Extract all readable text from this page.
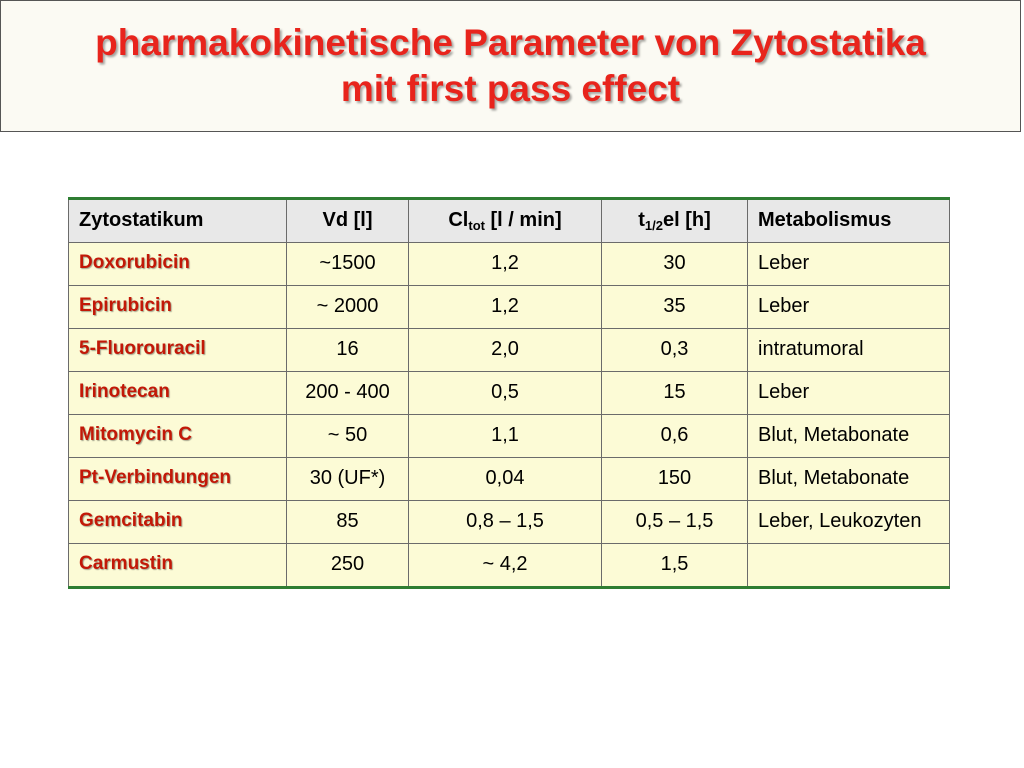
pharmakokinetische Parameter von Zytostatika
mit first pass effect
Zytostatikum	Vd [l]	$Cl_{tot}$ [l / min]	$t_{1/2}el$ [h]	Metabolismus
Doxorubicin	~1500	1,2	30	Leber
Epirubicin	~ 2000	1,2	35	Leber
5-Fluorouracil	16	2,0	0,3	intratumoral
Irinotecan	200 - 400	0,5	15	Leber
Mitomycin C	~ 50	1,1	0,6	Blut, Metabonate
Pt-Verbindungen	30 (UF*)	0,04	150	Blut, Metabonate
Gemcitabin	85	0,8 – 1,5	0,5 – 1,5	Leber, Leukozyten
Carmustin	250	~ 4,2	1,5	
